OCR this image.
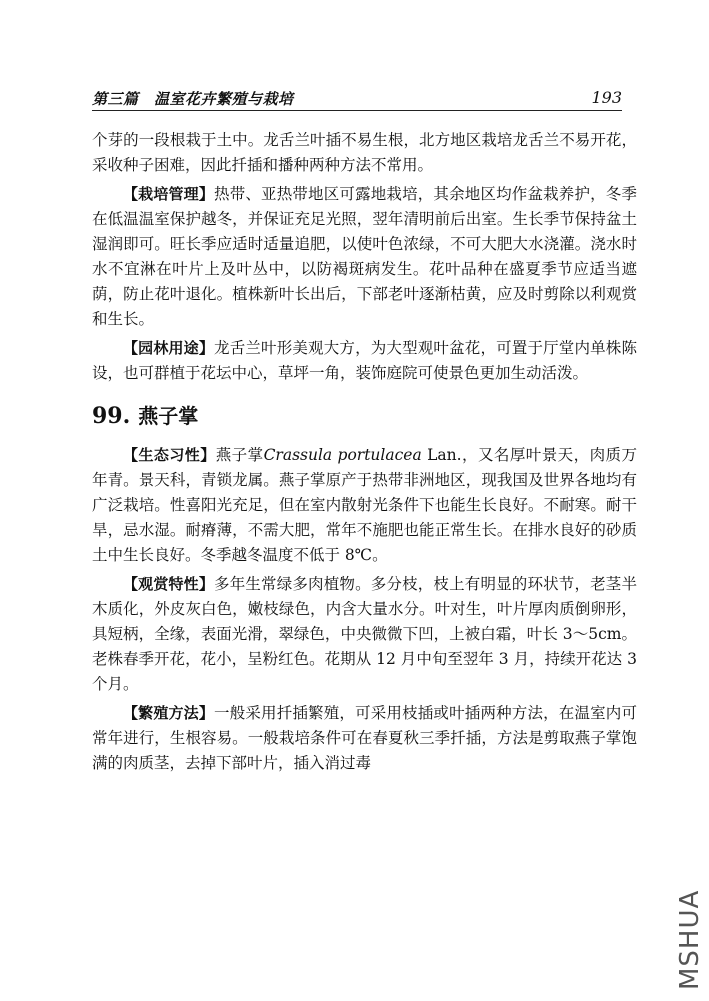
第三篇　温室花卉繁殖与栽培	193

个芽的一段根栽于土中。龙舌兰叶插不易生根，北方地区栽培龙舌兰不易开花，采收种子困难，因此扦插和播种两种方法不常用。

【栽培管理】热带、亚热带地区可露地栽培，其余地区均作盆栽养护，冬季在低温温室保护越冬，并保证充足光照，翌年清明前后出室。生长季节保持盆土湿润即可。旺长季应适时适量追肥，以使叶色浓绿，不可大肥大水浇灌。浇水时水不宜淋在叶片上及叶丛中，以防褐斑病发生。花叶品种在盛夏季节应适当遮荫，防止花叶退化。植株新叶长出后，下部老叶逐渐枯黄，应及时剪除以利观赏和生长。

【园林用途】龙舌兰叶形美观大方，为大型观叶盆花，可置于厅堂内单株陈设，也可群植于花坛中心，草坪一角，装饰庭院可使景色更加生动活泼。

99. 燕子掌

【生态习性】燕子掌Crassula portulacea Lan.，又名厚叶景天，肉质万年青。景天科，青锁龙属。燕子掌原产于热带非洲地区，现我国及世界各地均有广泛栽培。性喜阳光充足，但在室内散射光条件下也能生长良好。不耐寒。耐干旱，忌水湿。耐瘠薄，不需大肥，常年不施肥也能正常生长。在排水良好的砂质土中生长良好。冬季越冬温度不低于 8℃。

【观赏特性】多年生常绿多肉植物。多分枝，枝上有明显的环状节，老茎半木质化，外皮灰白色，嫩枝绿色，内含大量水分。叶对生，叶片厚肉质倒卵形，具短柄，全缘，表面光滑，翠绿色，中央微微下凹，上被白霜，叶长 3～5cm。老株春季开花，花小，呈粉红色。花期从 12 月中旬至翌年 3 月，持续开花达 3 个月。

【繁殖方法】一般采用扦插繁殖，可采用枝插或叶插两种方法，在温室内可常年进行，生根容易。一般栽培条件可在春夏秋三季扦插，方法是剪取燕子掌饱满的肉质茎，去掉下部叶片，插入消过毒

MSHUA
